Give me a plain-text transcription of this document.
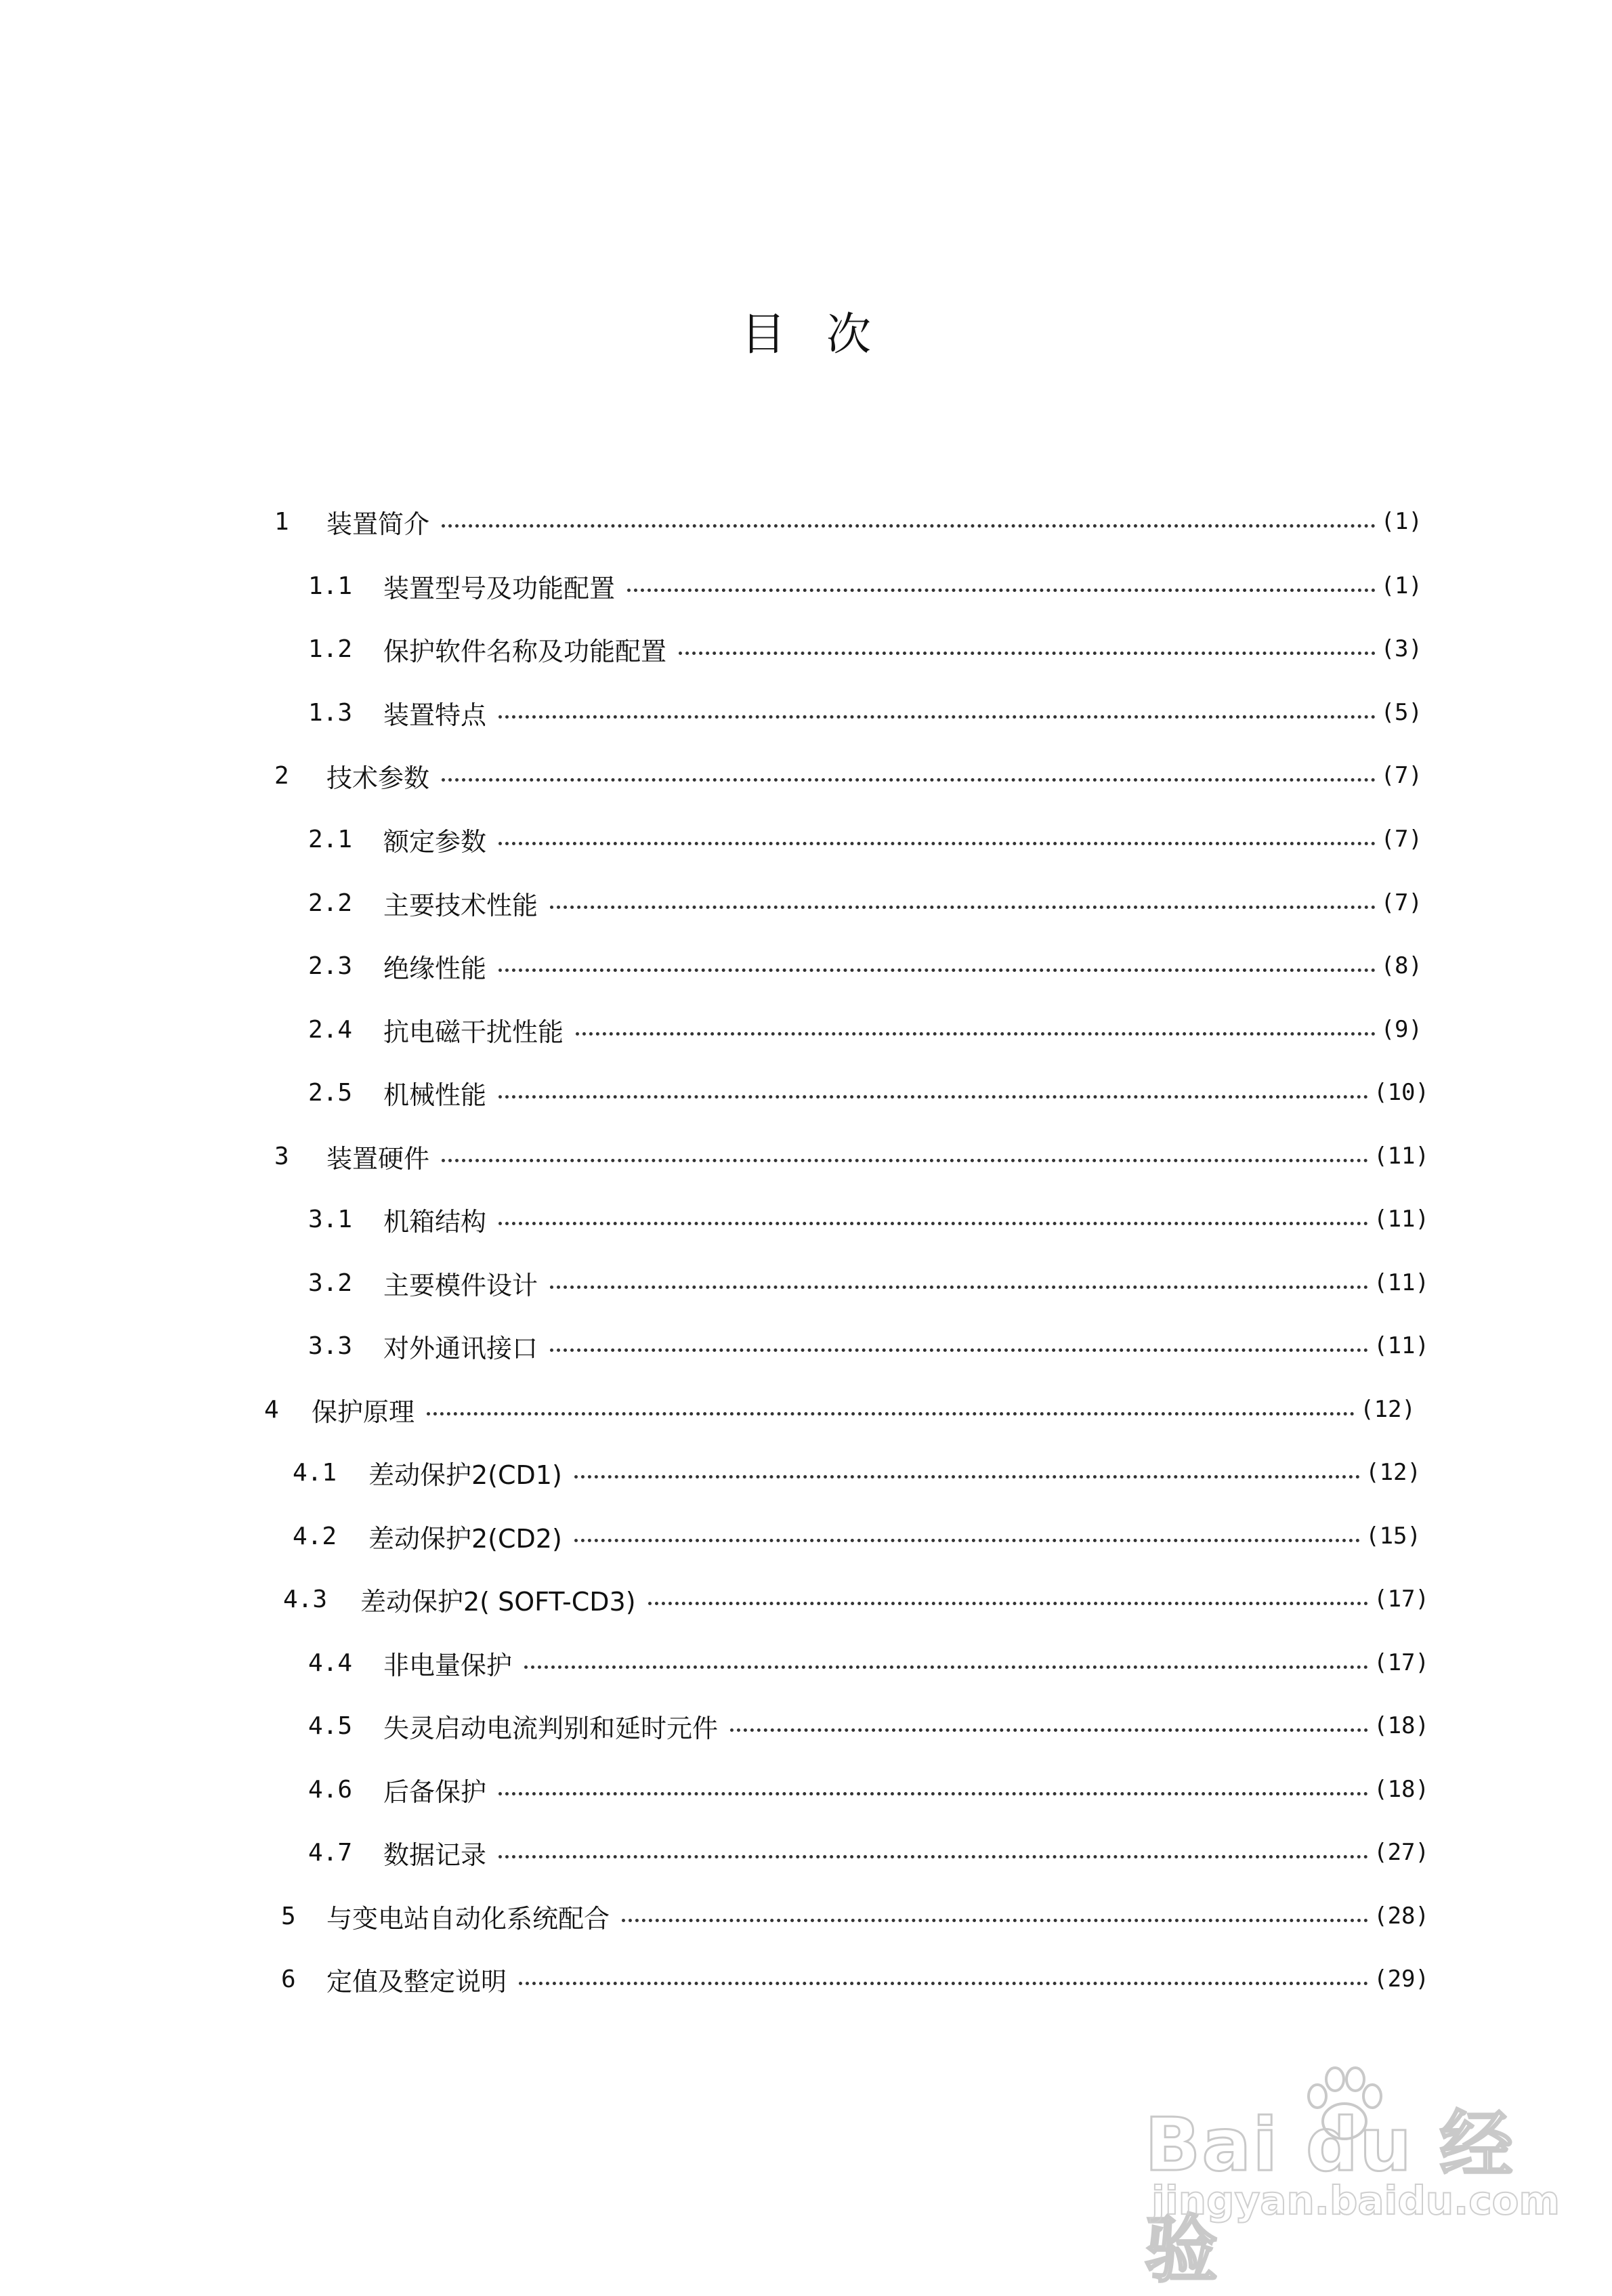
目次
1	装置简介	(1)
1.1	装置型号及功能配置	(1)
1.2	保护软件名称及功能配置	(3)
1.3	装置特点	(5)
2	技术参数	(7)
2.1	额定参数	(7)
2.2	主要技术性能	(7)
2.3	绝缘性能	(8)
2.4	抗电磁干扰性能	(9)
2.5	机械性能	(10)
3	装置硬件	(11)
3.1	机箱结构	(11)
3.2	主要模件设计	(11)
3.3	对外通讯接口	(11)
4	保护原理	(12)
4.1	差动保护2(CD1)	(12)
4.2	差动保护2(CD2)	(15)
4.3	差动保护2( SOFT-CD3)	(17)
4.4	非电量保护	(17)
4.5	失灵启动电流判别和延时元件	(18)
4.6	后备保护	(18)
4.7	数据记录	(27)
5	与变电站自动化系统配合	(28)
6	定值及整定说明	(29)
Bai du 经验
jingyan.baidu.com
